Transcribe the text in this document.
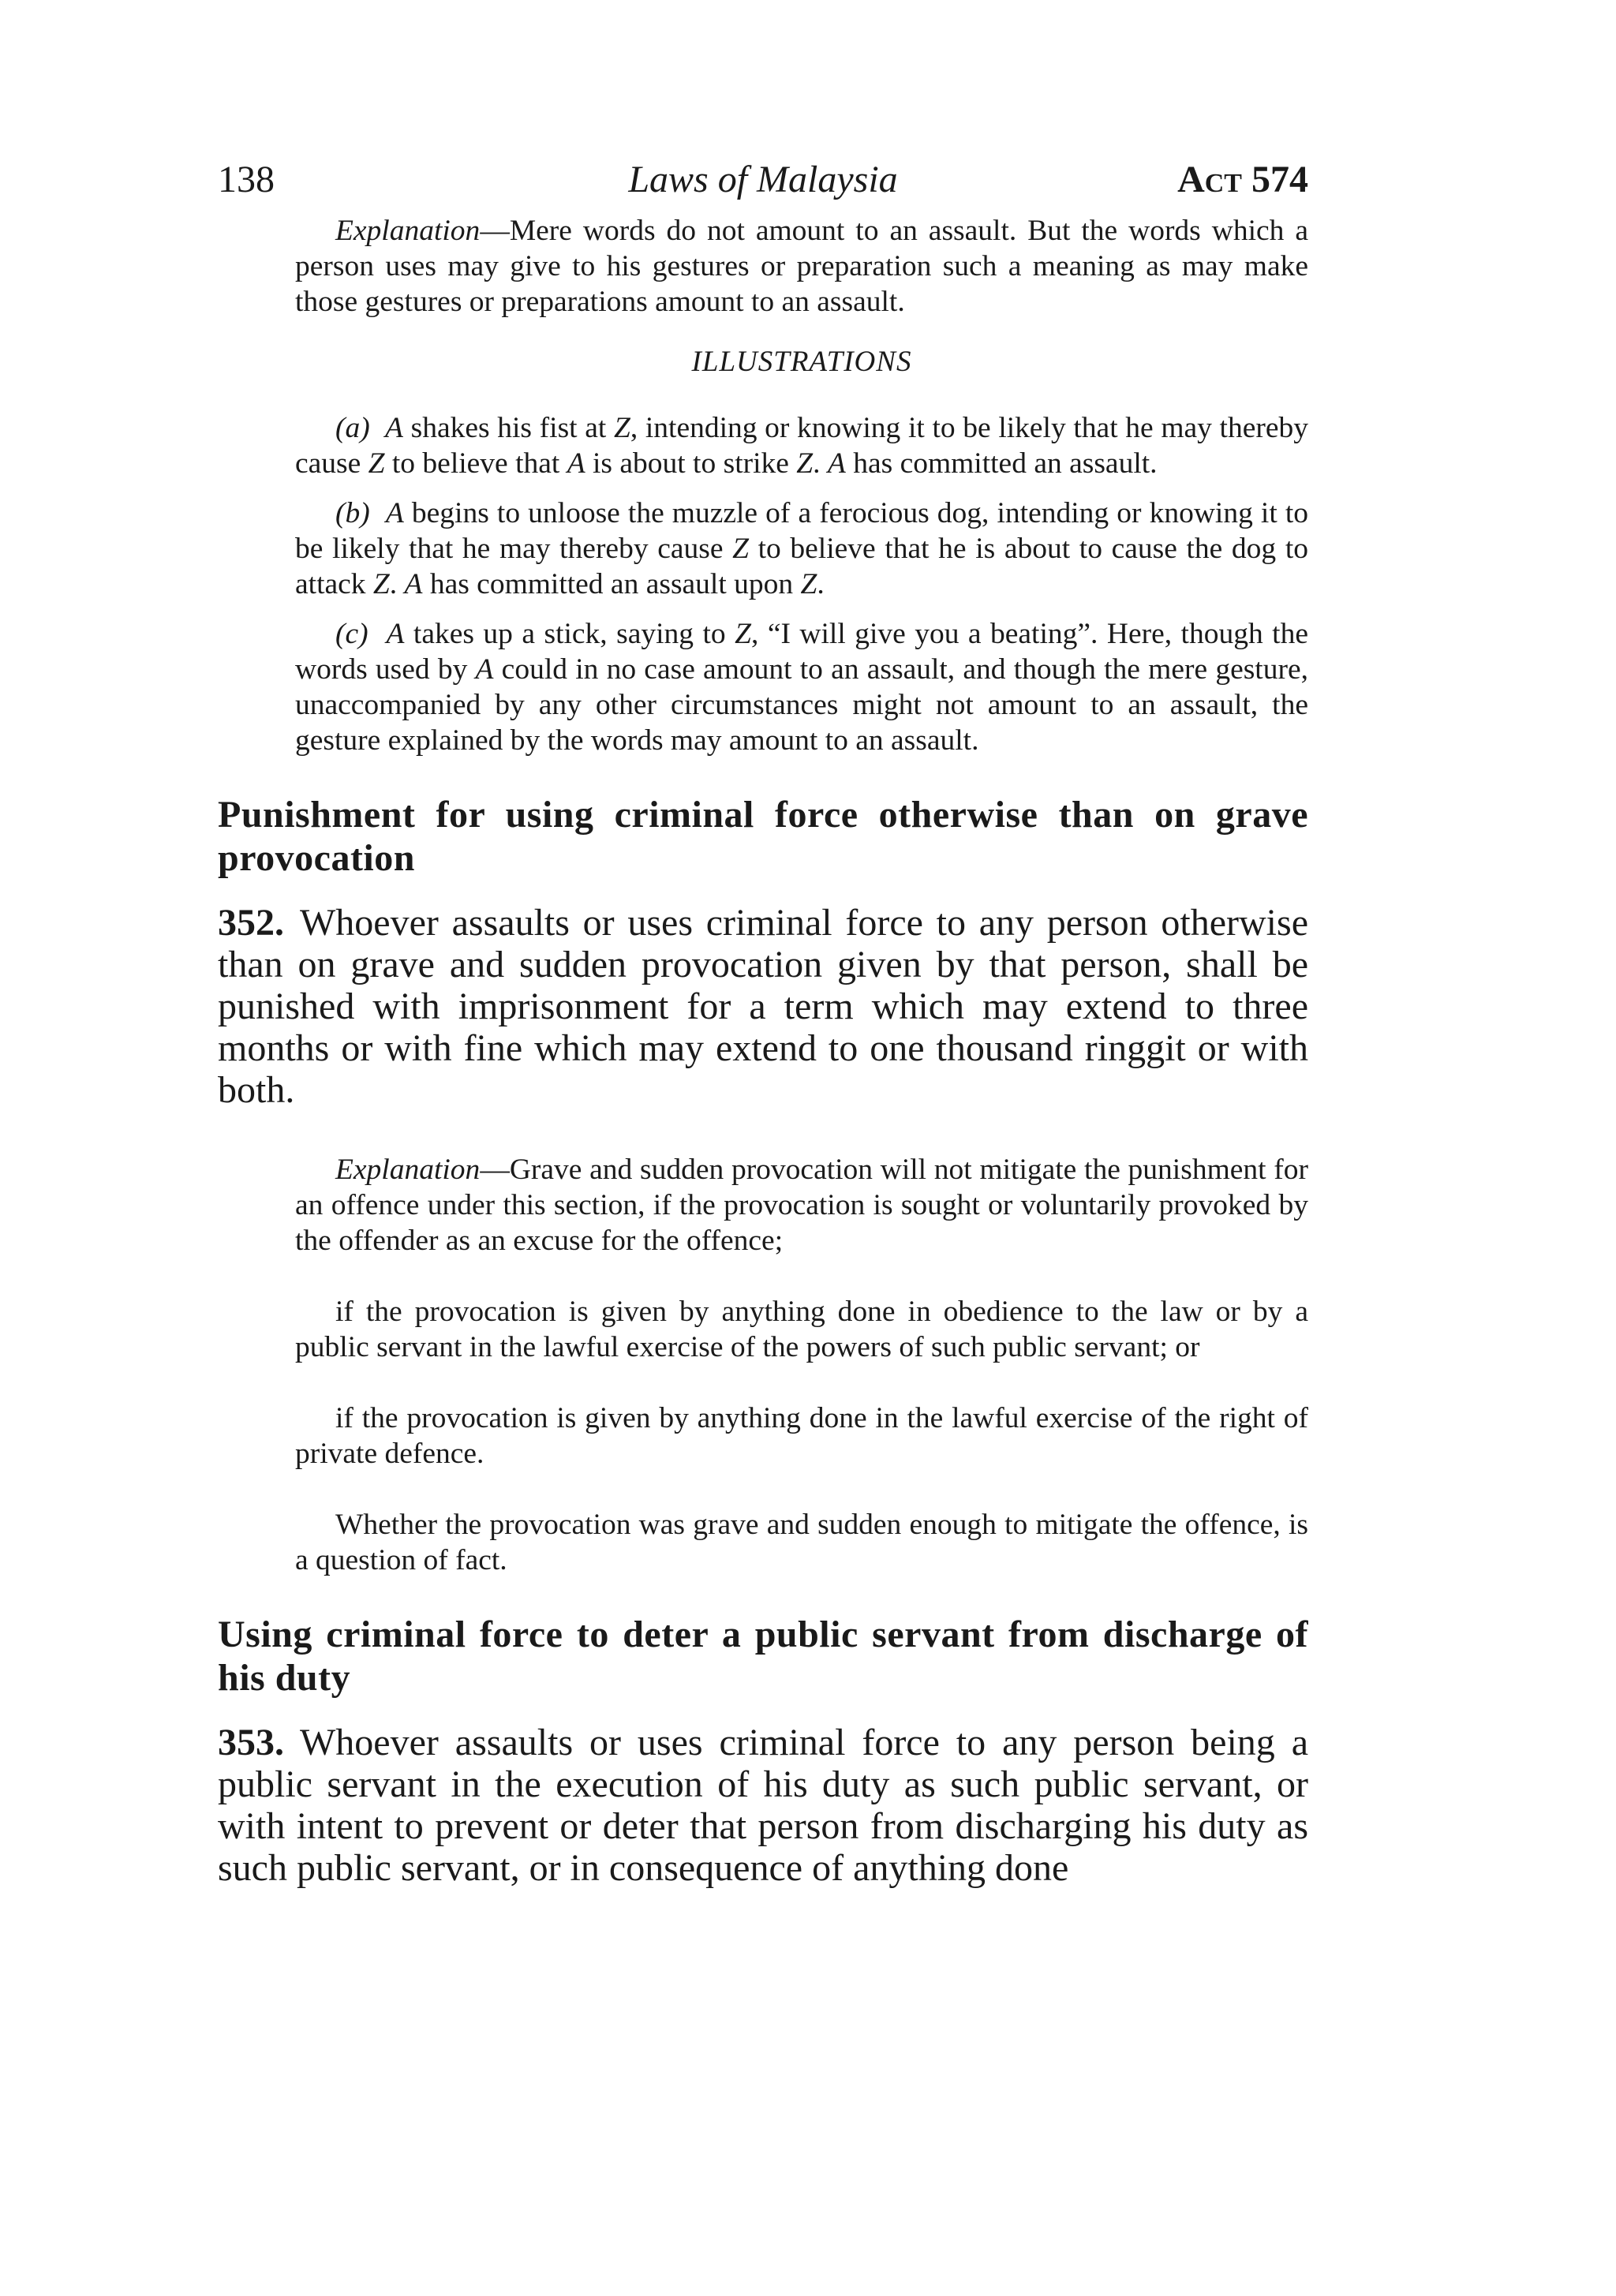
138	Laws of Malaysia	Act 574

Explanation—Mere words do not amount to an assault. But the words which a person uses may give to his gestures or preparation such a meaning as may make those gestures or preparations amount to an assault.

ILLUSTRATIONS

(a) A shakes his fist at Z, intending or knowing it to be likely that he may thereby cause Z to believe that A is about to strike Z. A has committed an assault.

(b) A begins to unloose the muzzle of a ferocious dog, intending or knowing it to be likely that he may thereby cause Z to believe that he is about to cause the dog to attack Z. A has committed an assault upon Z.

(c) A takes up a stick, saying to Z, “I will give you a beating”. Here, though the words used by A could in no case amount to an assault, and though the mere gesture, unaccompanied by any other circumstances might not amount to an assault, the gesture explained by the words may amount to an assault.

Punishment for using criminal force otherwise than on grave provocation

352. Whoever assaults or uses criminal force to any person otherwise than on grave and sudden provocation given by that person, shall be punished with imprisonment for a term which may extend to three months or with fine which may extend to one thousand ringgit or with both.

Explanation—Grave and sudden provocation will not mitigate the punishment for an offence under this section, if the provocation is sought or voluntarily provoked by the offender as an excuse for the offence;

if the provocation is given by anything done in obedience to the law or by a public servant in the lawful exercise of the powers of such public servant; or

if the provocation is given by anything done in the lawful exercise of the right of private defence.

Whether the provocation was grave and sudden enough to mitigate the offence, is a question of fact.

Using criminal force to deter a public servant from discharge of his duty

353. Whoever assaults or uses criminal force to any person being a public servant in the execution of his duty as such public servant, or with intent to prevent or deter that person from discharging his duty as such public servant, or in consequence of anything done
